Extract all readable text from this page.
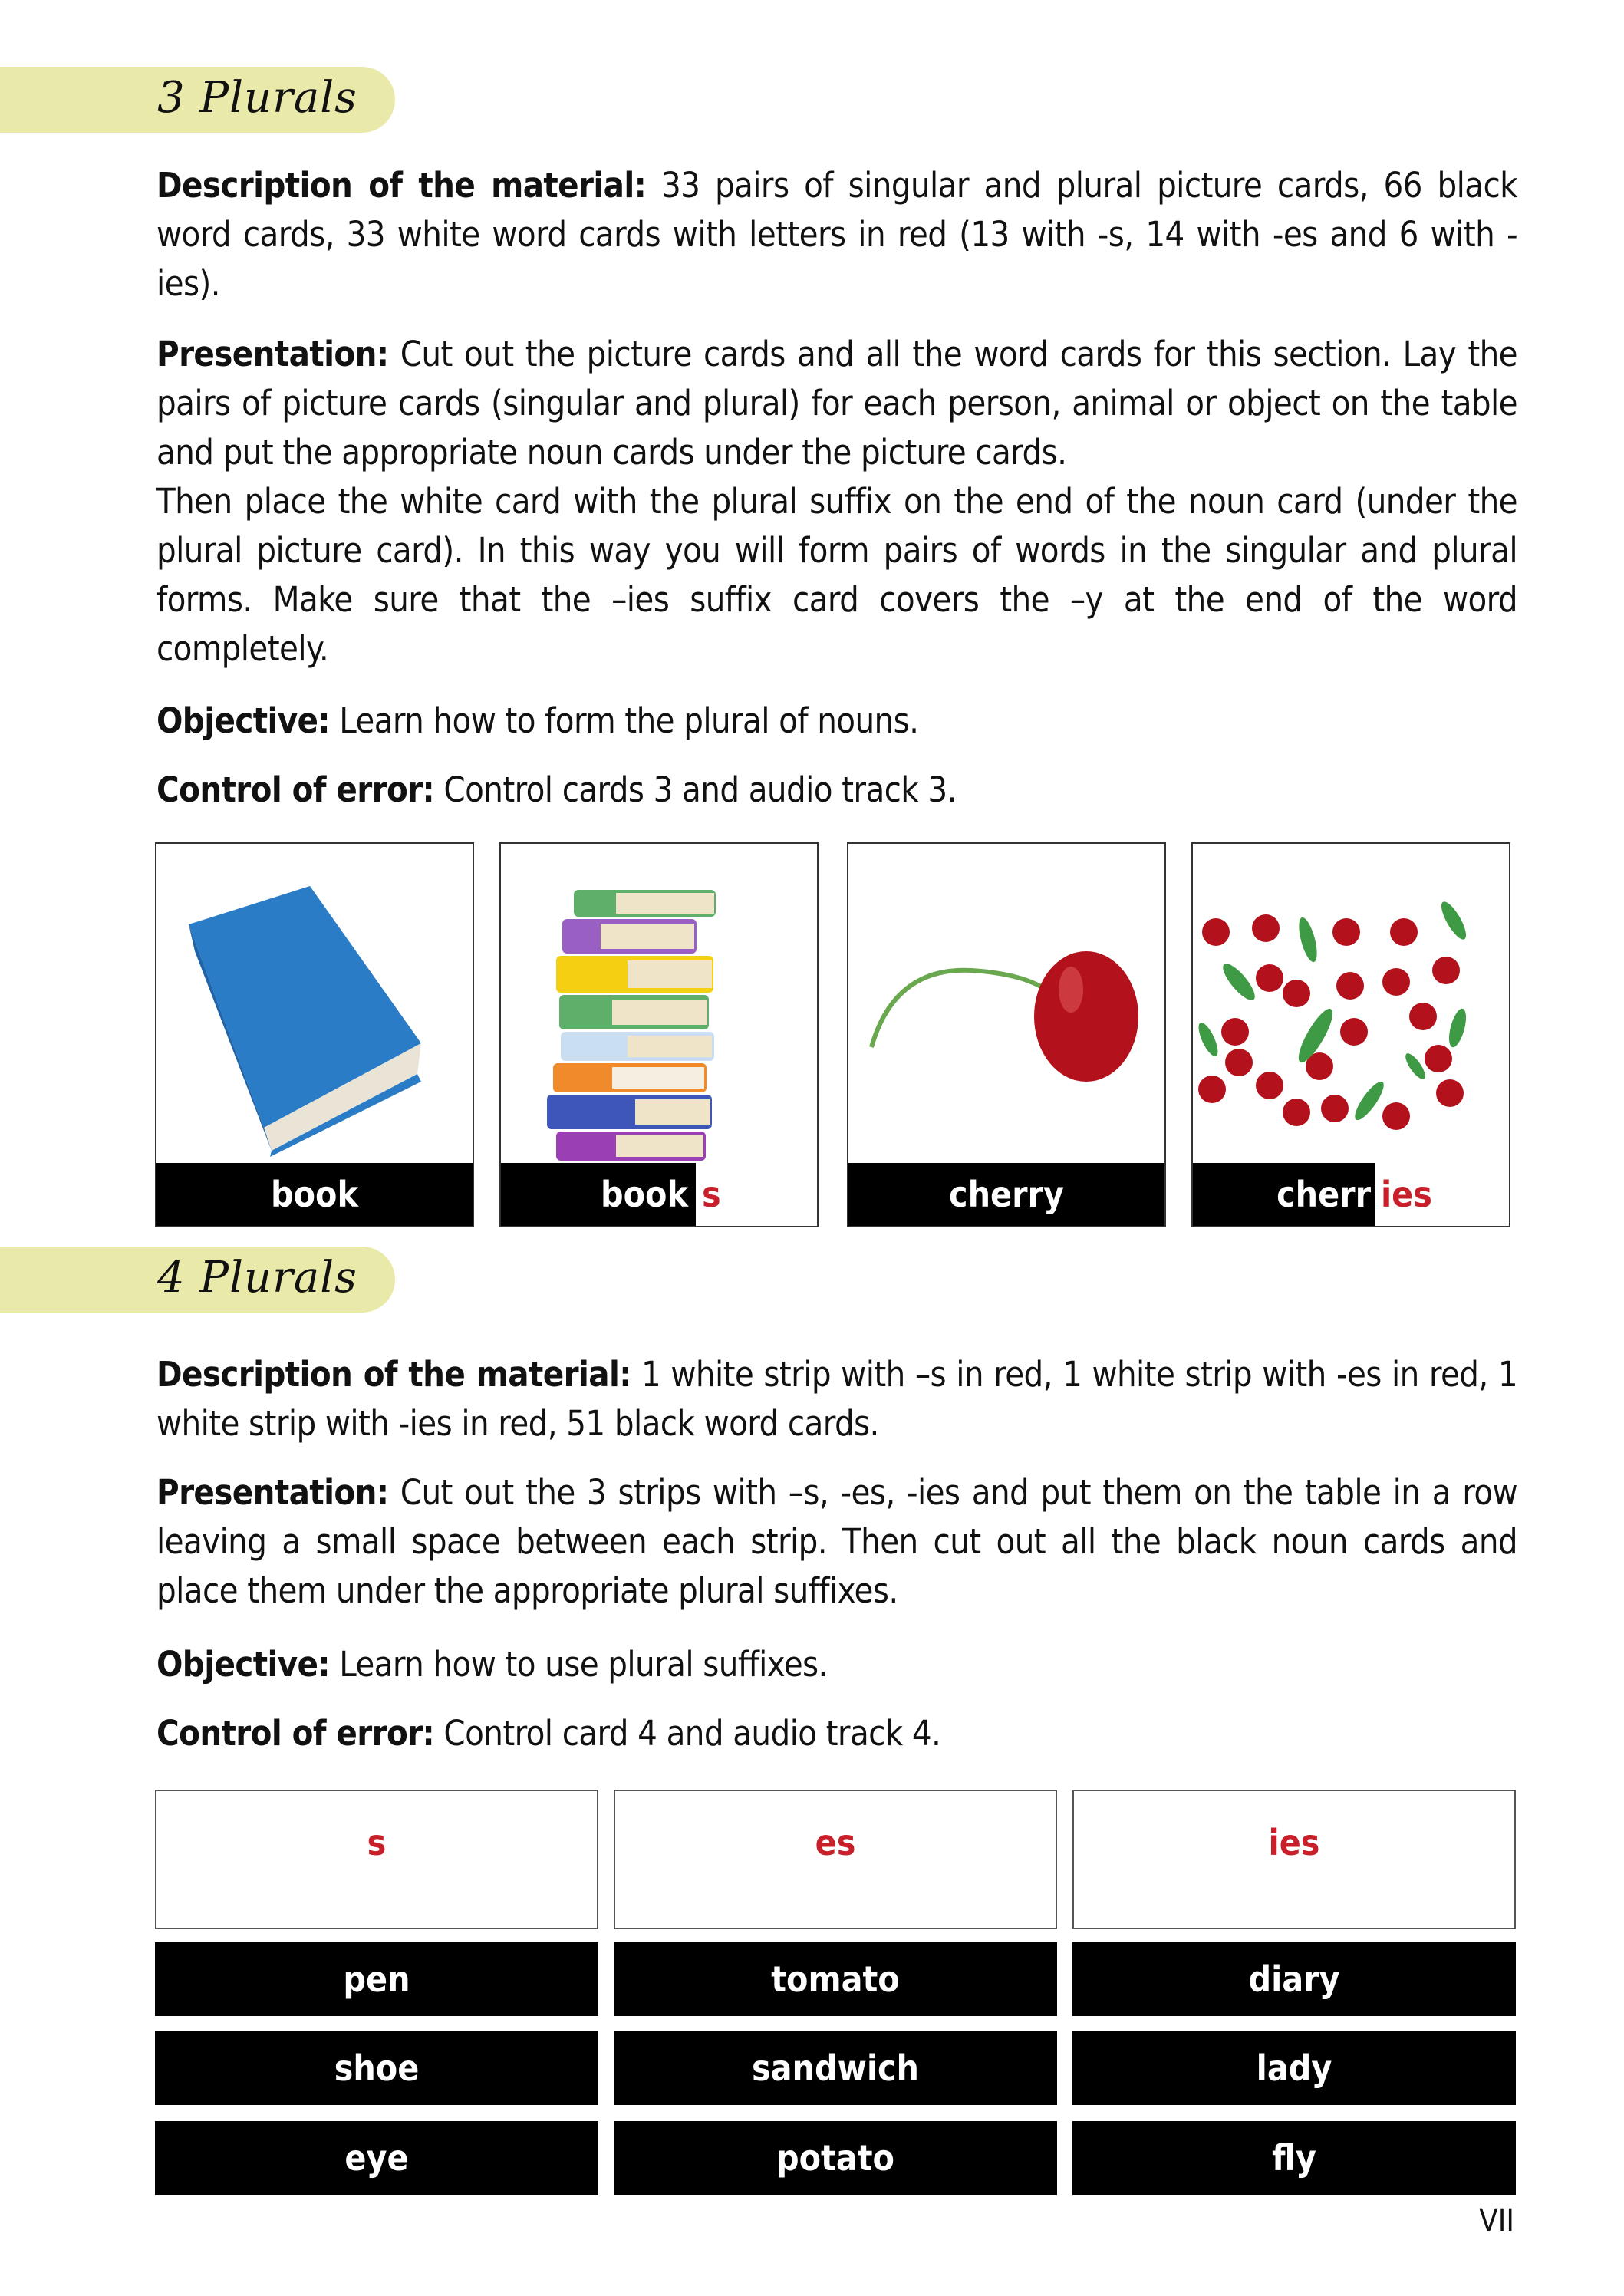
3 Plurals
Description of the material: 33 pairs of singular and plural picture cards, 66 black word cards, 33 white word cards with letters in red (13 with -s, 14 with -es and 6 with -ies).
Presentation: Cut out the picture cards and all the word cards for this section. Lay the pairs of picture cards (singular and plural) for each person, animal or object on the table and put the appropriate noun cards under the picture cards.
Then place the white card with the plural suffix on the end of the noun card (under the plural picture card). In this way you will form pairs of words in the singular and plural forms. Make sure that the –ies suffix card covers the –y at the end of the word completely.
Objective: Learn how to form the plural of nouns.
Control of error: Control cards 3 and audio track 3.
book	book s	cherry	cherr ies
4 Plurals
Description of the material: 1 white strip with –s in red, 1 white strip with -es in red, 1 white strip with -ies in red, 51 black word cards.
Presentation: Cut out the 3 strips with –s, -es, -ies and put them on the table in a row leaving a small space between each strip. Then cut out all the black noun cards and place them under the appropriate plural suffixes.
Objective: Learn how to use plural suffixes.
Control of error: Control card 4 and audio track 4.
s	es	ies
pen	tomato	diary
shoe	sandwich	lady
eye	potato	fly
VII
